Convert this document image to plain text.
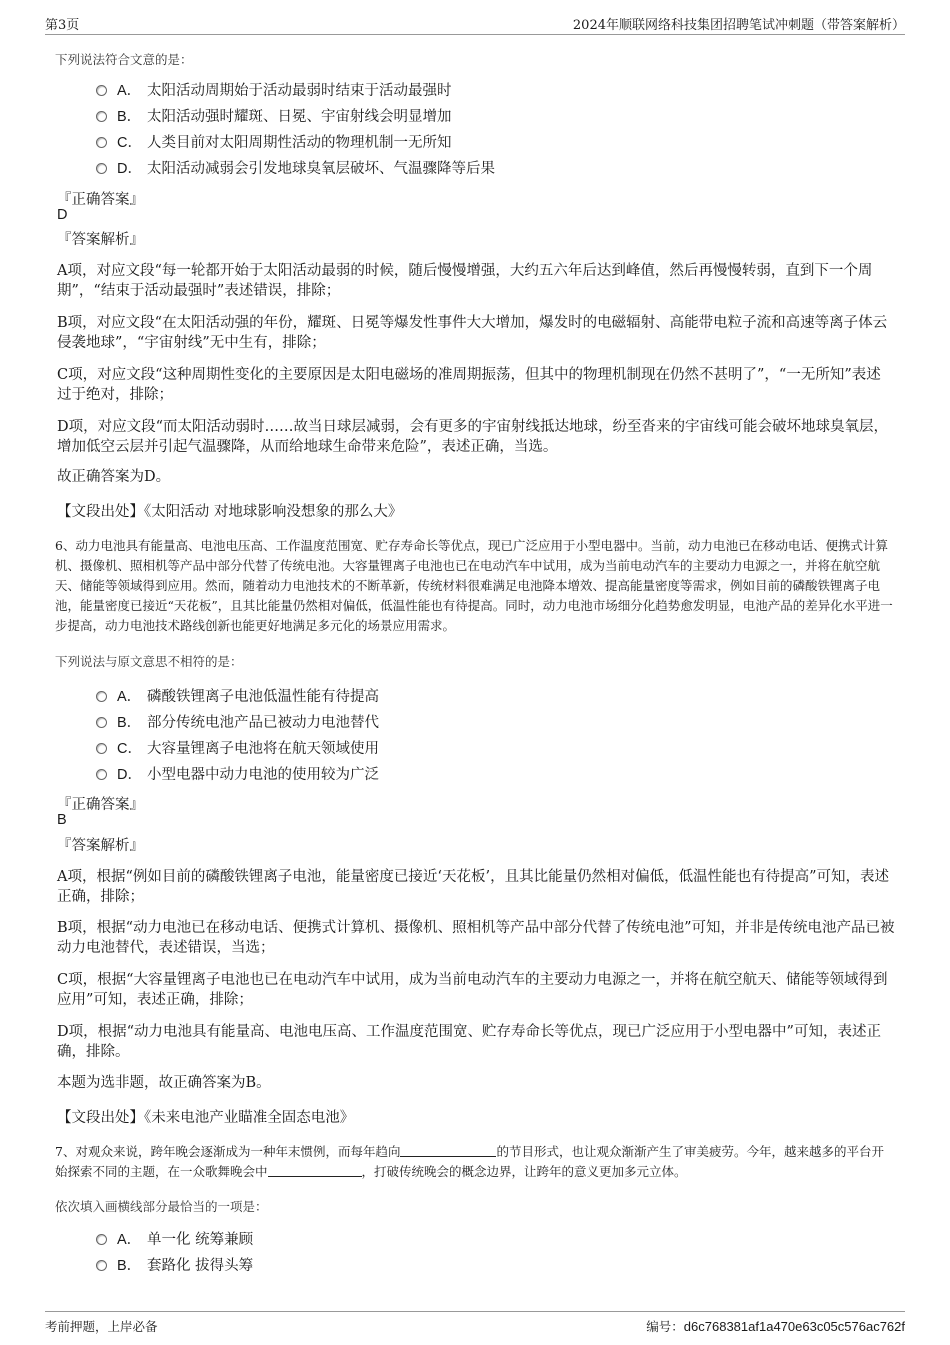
第3页	2024年顺联网络科技集团招聘笔试冲刺题（带答案解析）
下列说法符合文意的是：
A． 太阳活动周期始于活动最弱时结束于活动最强时
B． 太阳活动强时耀斑、日冕、宇宙射线会明显增加
C． 人类目前对太阳周期性活动的物理机制一无所知
D． 太阳活动减弱会引发地球臭氧层破坏、气温骤降等后果
『正确答案』
D
『答案解析』
A项，对应文段“每一轮都开始于太阳活动最弱的时候，随后慢慢增强，大约五六年后达到峰值，然后再慢慢转弱，直到下一个周期”，“结束于活动最强时”表述错误，排除；
B项，对应文段“在太阳活动强的年份，耀斑、日冕等爆发性事件大大增加，爆发时的电磁辐射、高能带电粒子流和高速等离子体云侵袭地球”，“宇宙射线”无中生有，排除；
C项，对应文段“这种周期性变化的主要原因是太阳电磁场的准周期振荡，但其中的物理机制现在仍然不甚明了”，“一无所知”表述过于绝对，排除；
D项，对应文段“而太阳活动弱时……故当日球层减弱，会有更多的宇宙射线抵达地球，纷至沓来的宇宙线可能会破坏地球臭氧层，增加低空云层并引起气温骤降，从而给地球生命带来危险”，表述正确，当选。
故正确答案为D。
【文段出处】《太阳活动 对地球影响没想象的那么大》
6、动力电池具有能量高、电池电压高、工作温度范围宽、贮存寿命长等优点，现已广泛应用于小型电器中。当前，动力电池已在移动电话、便携式计算机、摄像机、照相机等产品中部分代替了传统电池。大容量锂离子电池也已在电动汽车中试用，成为当前电动汽车的主要动力电源之一，并将在航空航天、储能等领域得到应用。然而，随着动力电池技术的不断革新，传统材料很难满足电池降本增效、提高能量密度等需求，例如目前的磷酸铁锂离子电池，能量密度已接近“天花板”，且其比能量仍然相对偏低，低温性能也有待提高。同时，动力电池市场细分化趋势愈发明显，电池产品的差异化水平进一步提高，动力电池技术路线创新也能更好地满足多元化的场景应用需求。
下列说法与原文意思不相符的是：
A． 磷酸铁锂离子电池低温性能有待提高
B． 部分传统电池产品已被动力电池替代
C． 大容量锂离子电池将在航天领域使用
D． 小型电器中动力电池的使用较为广泛
『正确答案』
B
『答案解析』
A项，根据“例如目前的磷酸铁锂离子电池，能量密度已接近‘天花板’，且其比能量仍然相对偏低，低温性能也有待提高”可知，表述正确，排除；
B项，根据“动力电池已在移动电话、便携式计算机、摄像机、照相机等产品中部分代替了传统电池”可知，并非是传统电池产品已被动力电池替代，表述错误，当选；
C项，根据“大容量锂离子电池也已在电动汽车中试用，成为当前电动汽车的主要动力电源之一，并将在航空航天、储能等领域得到应用”可知，表述正确，排除；
D项，根据“动力电池具有能量高、电池电压高、工作温度范围宽、贮存寿命长等优点，现已广泛应用于小型电器中”可知，表述正确，排除。
本题为选非题，故正确答案为B。
【文段出处】《未来电池产业瞄准全固态电池》
7、对观众来说，跨年晚会逐渐成为一种年末惯例，而每年趋向	的节目形式，也让观众渐渐产生了审美疲劳。今年，越来越多的平台开始探索不同的主题，在一众歌舞晚会中	，打破传统晚会的概念边界，让跨年的意义更加多元立体。
依次填入画横线部分最恰当的一项是：
A． 单一化 统筹兼顾
B． 套路化 拔得头筹
考前押题，上岸必备	编号：d6c768381af1a470e63c05c576ac762f
